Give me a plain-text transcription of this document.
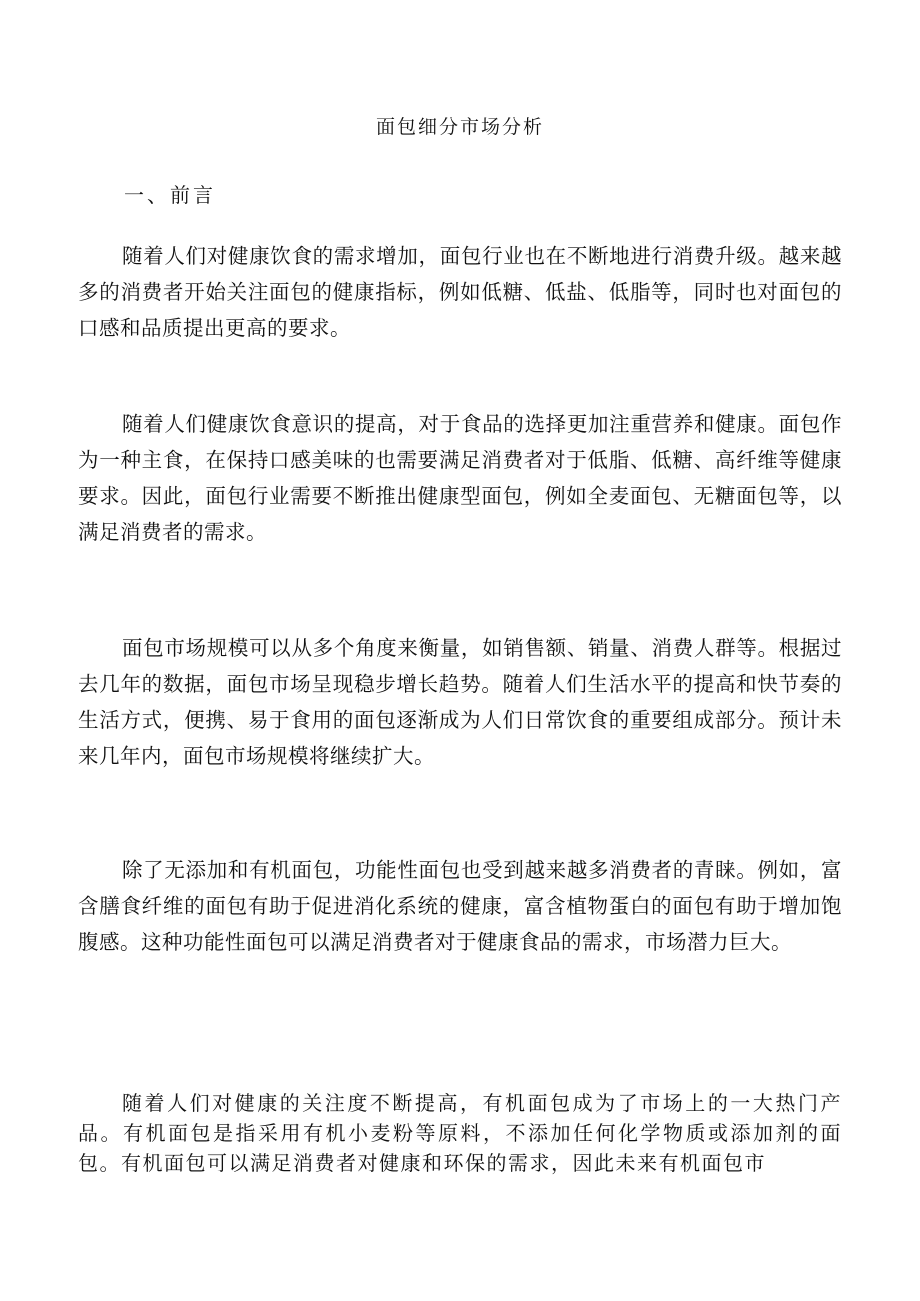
面包细分市场分析
一、前言

随着人们对健康饮食的需求增加，面包行业也在不断地进行消费升级。越来越多的消费者开始关注面包的健康指标，例如低糖、低盐、低脂等，同时也对面包的口感和品质提出更高的要求。

随着人们健康饮食意识的提高，对于食品的选择更加注重营养和健康。面包作为一种主食，在保持口感美味的也需要满足消费者对于低脂、低糖、高纤维等健康要求。因此，面包行业需要不断推出健康型面包，例如全麦面包、无糖面包等，以满足消费者的需求。

面包市场规模可以从多个角度来衡量，如销售额、销量、消费人群等。根据过去几年的数据，面包市场呈现稳步增长趋势。随着人们生活水平的提高和快节奏的生活方式，便携、易于食用的面包逐渐成为人们日常饮食的重要组成部分。预计未来几年内，面包市场规模将继续扩大。

除了无添加和有机面包，功能性面包也受到越来越多消费者的青睐。例如，富含膳食纤维的面包有助于促进消化系统的健康，富含植物蛋白的面包有助于增加饱腹感。这种功能性面包可以满足消费者对于健康食品的需求，市场潜力巨大。

随着人们对健康的关注度不断提高，有机面包成为了市场上的一大热门产品。有机面包是指采用有机小麦粉等原料，不添加任何化学物质或添加剂的面包。有机面包可以满足消费者对健康和环保的需求，因此未来有机面包市
